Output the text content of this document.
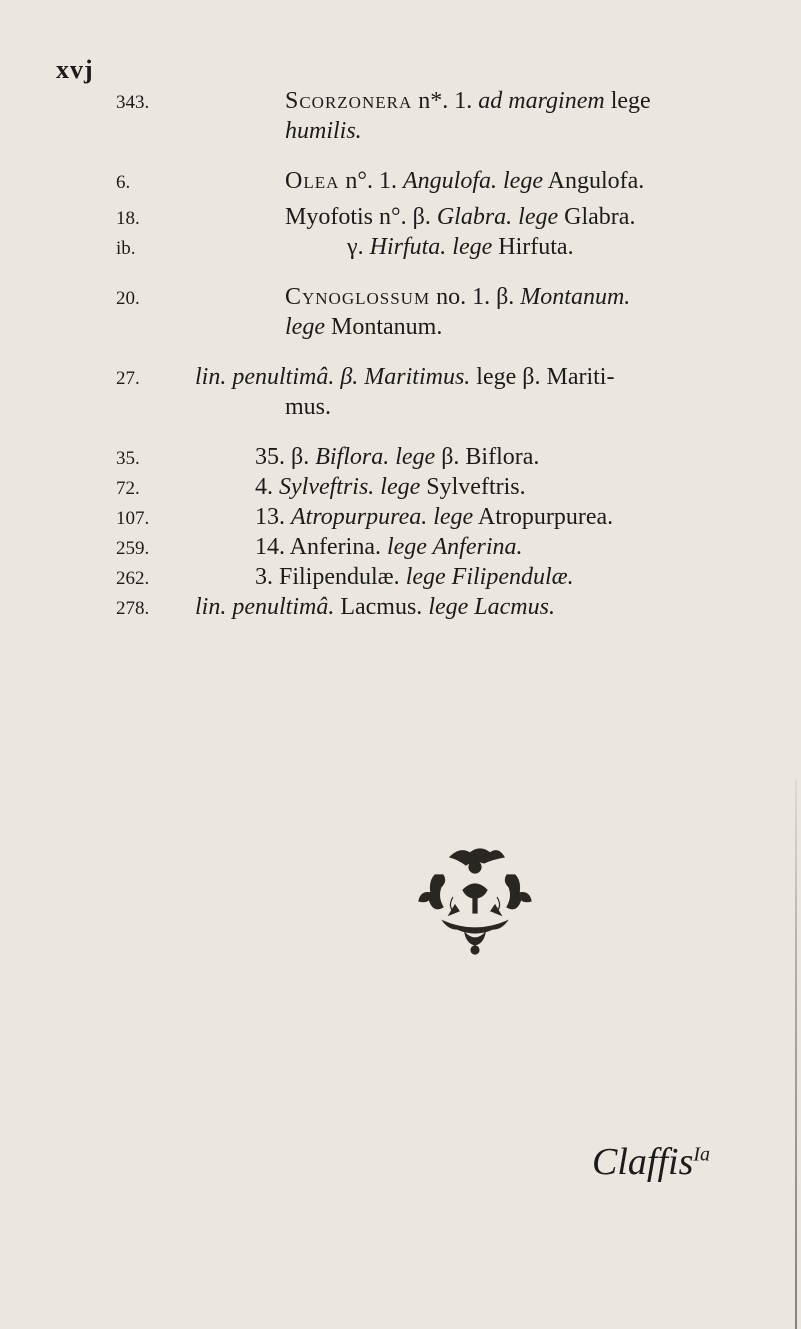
xvj
343.	Scorzonera n*. 1. ad marginem lege
humilis.
6.	Olea n°. 1. Angulofa. lege Angulofa.
18.	Myofotis n°. β. Glabra. lege Glabra.
ib.	γ. Hirfuta. lege Hirfuta.
20.	Cynoglossum no. 1. β. Montanum.
lege Montanum.
27.	lin. penultimâ. β. Maritimus. lege β. Mariti-
mus.
35.	35. β. Biflora. lege β. Biflora.
72.	4. Sylveftris. lege Sylveftris.
107.	13. Atropurpurea. lege Atropurpurea.
259.	14. Anferina. lege Anferina.
262.	3. Filipendulæ. lege Filipendulæ.
278.	lin. penultimâ. Lacmus. lege Lacmus.
Claffis$^{Ia}$
